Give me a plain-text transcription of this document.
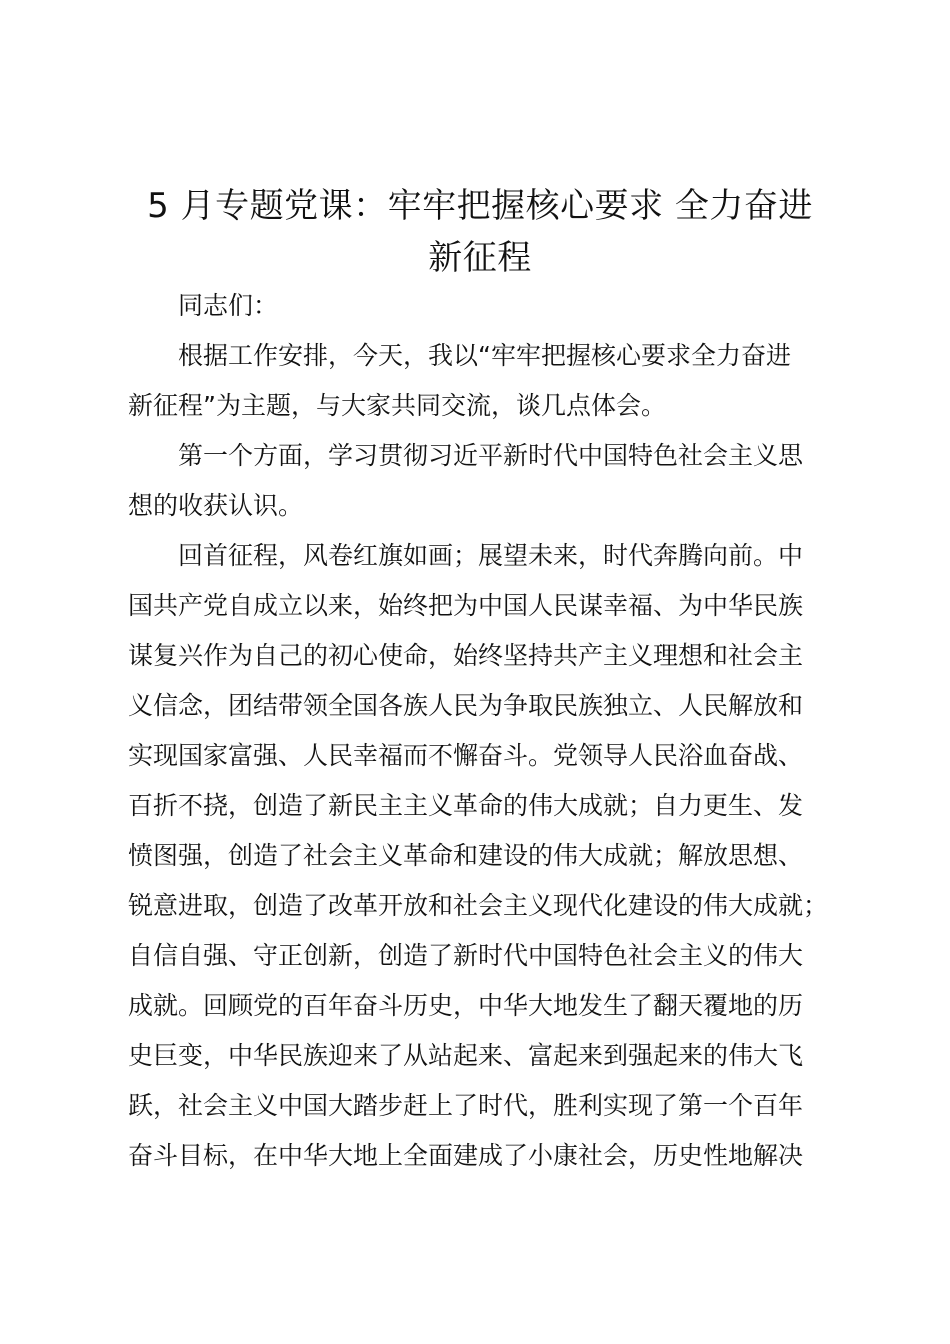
5 月专题党课：牢牢把握核心要求 全力奋进
新征程

同志们：

根据工作安排，今天，我以“牢牢把握核心要求全力奋进
新征程”为主题，与大家共同交流，谈几点体会。

第一个方面，学习贯彻习近平新时代中国特色社会主义思
想的收获认识。

回首征程，风卷红旗如画；展望未来，时代奔腾向前。中
国共产党自成立以来，始终把为中国人民谋幸福、为中华民族
谋复兴作为自己的初心使命，始终坚持共产主义理想和社会主
义信念，团结带领全国各族人民为争取民族独立、人民解放和
实现国家富强、人民幸福而不懈奋斗。党领导人民浴血奋战、
百折不挠，创造了新民主主义革命的伟大成就；自力更生、发
愤图强，创造了社会主义革命和建设的伟大成就；解放思想、
锐意进取，创造了改革开放和社会主义现代化建设的伟大成就；
自信自强、守正创新，创造了新时代中国特色社会主义的伟大
成就。回顾党的百年奋斗历史，中华大地发生了翻天覆地的历
史巨变，中华民族迎来了从站起来、富起来到强起来的伟大飞
跃，社会主义中国大踏步赶上了时代，胜利实现了第一个百年
奋斗目标，在中华大地上全面建成了小康社会，历史性地解决
